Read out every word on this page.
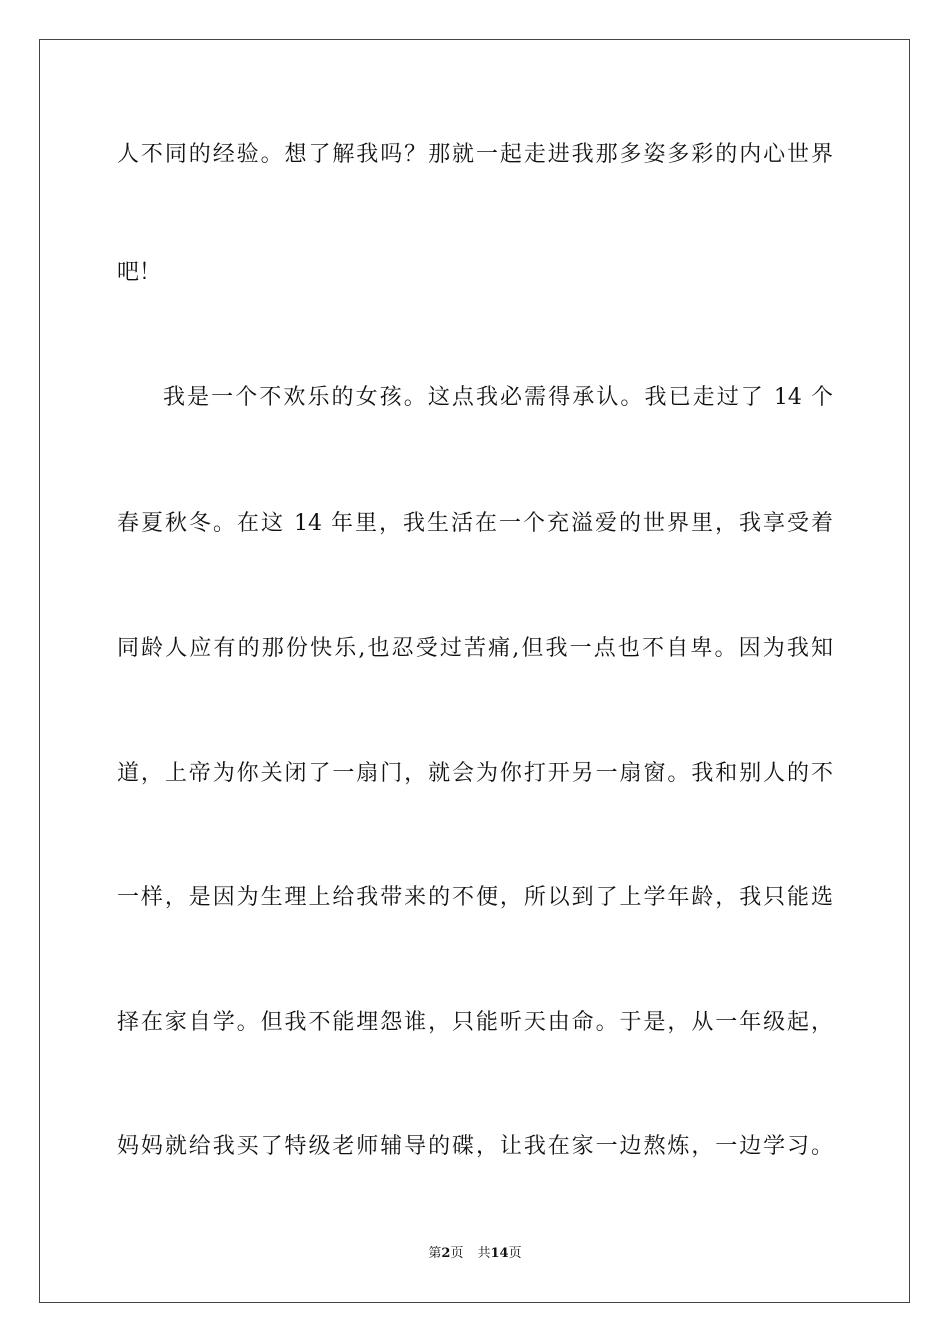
人不同的经验。想了解我吗？那就一起走进我那多姿多彩的内心世界
吧！
我是一个不欢乐的女孩。这点我必需得承认。我已走过了 14 个
春夏秋冬。在这 14 年里，我生活在一个充溢爱的世界里，我享受着
同龄人应有的那份快乐,也忍受过苦痛,但我一点也不自卑。因为我知
道，上帝为你关闭了一扇门，就会为你打开另一扇窗。我和别人的不
一样，是因为生理上给我带来的不便，所以到了上学年龄，我只能选
择在家自学。但我不能埋怨谁，只能听天由命。于是，从一年级起，
妈妈就给我买了特级老师辅导的碟，让我在家一边熬炼，一边学习。
第2页 共14页
